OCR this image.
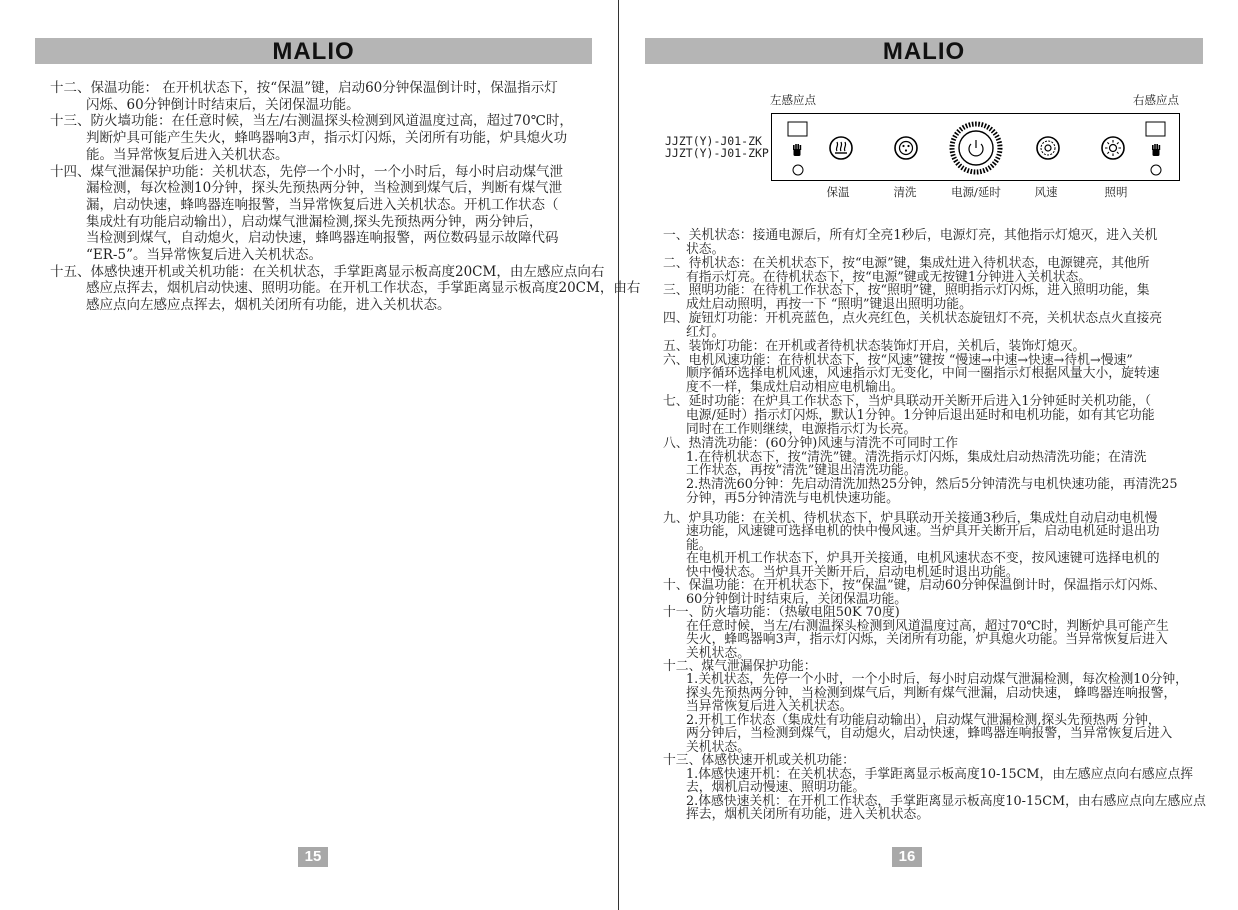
MALIO
十二、保温功能： 在开机状态下，按“保温”键，启动60分钟保温倒计时，保温指示灯
闪烁、60分钟倒计时结束后，关闭保温功能。
十三、防火墙功能：在任意时候，当左/右测温探头检测到风道温度过高，超过70℃时，
判断炉具可能产生失火，蜂鸣器响3声，指示灯闪烁，关闭所有功能，炉具熄火功
能。当异常恢复后进入关机状态。
十四、煤气泄漏保护功能：关机状态，先停一个小时，一个小时后，每小时启动煤气泄
漏检测，每次检测10分钟，探头先预热两分钟，当检测到煤气后，判断有煤气泄
漏，启动快速，蜂鸣器连响报警，当异常恢复后进入关机状态。开机工作状态（
集成灶有功能启动输出），启动煤气泄漏检测,探头先预热两分钟，两分钟后，
当检测到煤气，自动熄火，启动快速，蜂鸣器连响报警，两位数码显示故障代码
“ER-5”。当异常恢复后进入关机状态。
十五、体感快速开机或关机功能：在关机状态，手掌距离显示板高度20CM，由左感应点向右
感应点挥去，烟机启动快速、照明功能。在开机工作状态，手掌距离显示板高度20CM，由右
感应点向左感应点挥去，烟机关闭所有功能，进入关机状态。
15
MALIO
左感应点	右感应点
JJZT(Y)-J01-ZK
JJZT(Y)-J01-ZKP
保温	清洗	电源/延时	风速	照明
一、关机状态：接通电源后，所有灯全亮1秒后，电源灯亮，其他指示灯熄灭，进入关机
状态。
二、待机状态：在关机状态下，按“电源”键，集成灶进入待机状态，电源键亮，其他所
有指示灯亮。在待机状态下，按“电源”键或无按键1分钟进入关机状态。
三、照明功能：在待机工作状态下，按“照明”键，照明指示灯闪烁，进入照明功能，集
成灶启动照明，再按一下 “照明”键退出照明功能。
四、旋钮灯功能：开机亮蓝色，点火亮红色，关机状态旋钮灯不亮，关机状态点火直接亮
红灯。
五、装饰灯功能：在开机或者待机状态装饰灯开启，关机后，装饰灯熄灭。
六、电机风速功能：在待机状态下，按“风速”键按 “慢速→中速→快速→待机→慢速”
顺序循环选择电机风速，风速指示灯无变化，中间一圈指示灯根据风量大小，旋转速
度不一样，集成灶启动相应电机输出。
七、延时功能：在炉具工作状态下，当炉具联动开关断开后进入1分钟延时关机功能，（
电源/延时）指示灯闪烁，默认1分钟。1分钟后退出延时和电机功能，如有其它功能
同时在工作则继续，电源指示灯为长亮。
八、热清洗功能：(60分钟)风速与清洗不可同时工作
1.在待机状态下，按“清洗”键。清洗指示灯闪烁，集成灶启动热清洗功能；在清洗
工作状态，再按“清洗”键退出清洗功能。
2.热清洗60分钟：先启动清洗加热25分钟，然后5分钟清洗与电机快速功能，再清洗25
分钟，再5分钟清洗与电机快速功能。
九、炉具功能：在关机、待机状态下，炉具联动开关接通3秒后，集成灶自动启动电机慢
速功能，风速键可选择电机的快中慢风速。当炉具开关断开后，启动电机延时退出功
能。
在电机开机工作状态下，炉具开关接通，电机风速状态不变，按风速键可选择电机的
快中慢状态。当炉具开关断开后，启动电机延时退出功能。
十、保温功能：在开机状态下，按“保温”键，启动60分钟保温倒计时，保温指示灯闪烁、
60分钟倒计时结束后，关闭保温功能。
十一、防火墙功能：（热敏电阻50K 70度)
在任意时候，当左/右测温探头检测到风道温度过高，超过70℃时，判断炉具可能产生
失火，蜂鸣器响3声，指示灯闪烁，关闭所有功能，炉具熄火功能。当异常恢复后进入
关机状态。
十二、煤气泄漏保护功能：
1.关机状态，先停一个小时，一个小时后，每小时启动煤气泄漏检测，每次检测10分钟，
探头先预热两分钟，当检测到煤气后，判断有煤气泄漏，启动快速， 蜂鸣器连响报警，
当异常恢复后进入关机状态。
2.开机工作状态（集成灶有功能启动输出），启动煤气泄漏检测,探头先预热两 分钟，
两分钟后，当检测到煤气，自动熄火，启动快速，蜂鸣器连响报警，当异常恢复后进入
关机状态。
十三、体感快速开机或关机功能：
1.体感快速开机：在关机状态，手掌距离显示板高度10-15CM，由左感应点向右感应点挥
去，烟机启动慢速、照明功能。
2.体感快速关机：在开机工作状态，手掌距离显示板高度10-15CM，由右感应点向左感应点
挥去，烟机关闭所有功能，进入关机状态。
16
